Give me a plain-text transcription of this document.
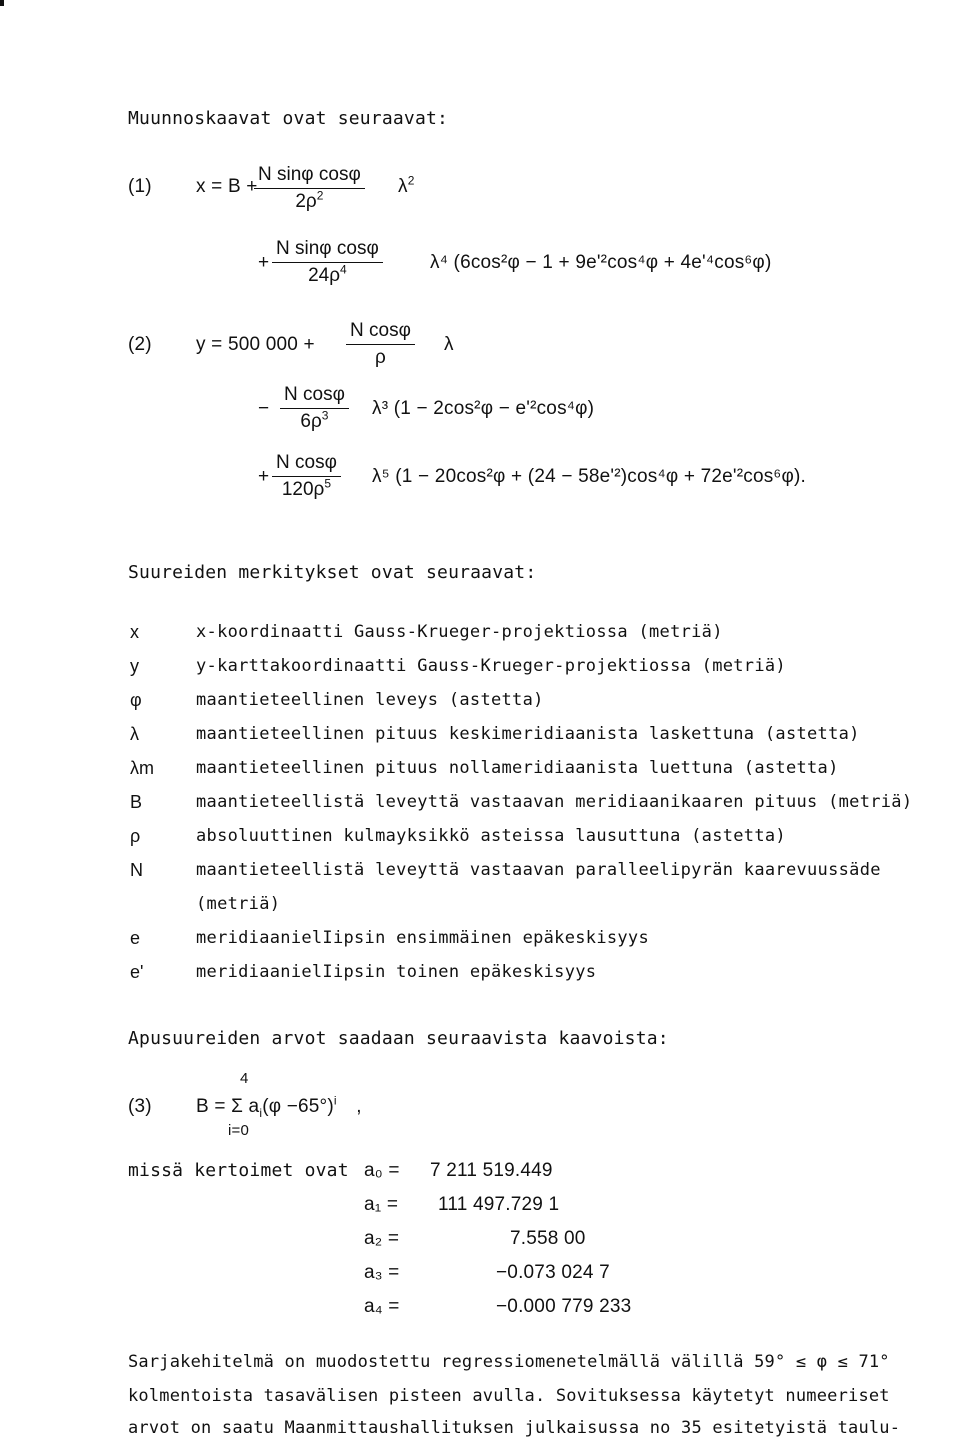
Muunnoskaavat ovat seuraavat:
(1) x = B +
$\frac{\text{N sinφ cosφ}}{2\rho^2} \lambda^2$
+ $\frac{\text{N sinφ cosφ}}{24\rho^4} \lambda^4$ (6cos²φ − 1 + 9e'²cos⁴φ + 4e'⁴cos⁶φ)
(2) y = 500 $000 + \frac{\text{N cosφ}}{\rho}$ λ
− $\frac{\text{N cosφ}}{6\rho^3} \lambda^3$ (1 − 2cos²φ − e'²cos⁴φ)
+ $\frac{\text{N cosφ}}{120\rho^5} \lambda^5$ (1 − 20cos²φ + (24 − 58e'²)cos⁴φ + 72e'²cos⁶φ).
Suureiden merkitykset ovat seuraavat:
x	x-koordinaatti Gauss-Krueger-projektiossa (metriä)
y	y-karttakoordinaatti Gauss-Krueger-projektiossa (metriä)
φ	maantieteellinen leveys (astetta)
λ	maantieteellinen pituus keskimeridiaanista laskettuna (astetta)
λm maantieteellinen pituus nollameridiaanista luettuna (astetta)
B	maantieteellistä leveyttä vastaavan meridiaanikaaren pituus (metriä)
ρ	absoluuttinen kulmayksikkö asteissa lausuttuna (astetta)
N	maantieteellistä leveyttä vastaavan paralleelipyrän kaarevuussäde
(metriä)
e	meridiaanielIipsin ensimmäinen epäkeskisyys
e'	meridiaanielIipsin toinen epäkeskisyys
Apusuureiden arvot saadaan seuraavista kaavoista:
(3)
4
B = Σ $a_i(\varphi -65^\circ)^i$ ,
i=0
missä kertoimet ovat a₀ = 7 211 519.449
a₁ =	111 497.729 1
a₂ =	7.558 00
a₃ =	−0.073 024 7
a₄ =	−0.000 779 233
Sarjakehitelmä on muodostettu regressiomenetelmällä välillä 59° ≤ φ ≤ 71°
kolmentoista tasavälisen pisteen avulla. Sovituksessa käytetyt numeeriset
arvot on saatu Maanmittaushallituksen julkaisussa no 35 esitetyistä taulu-
